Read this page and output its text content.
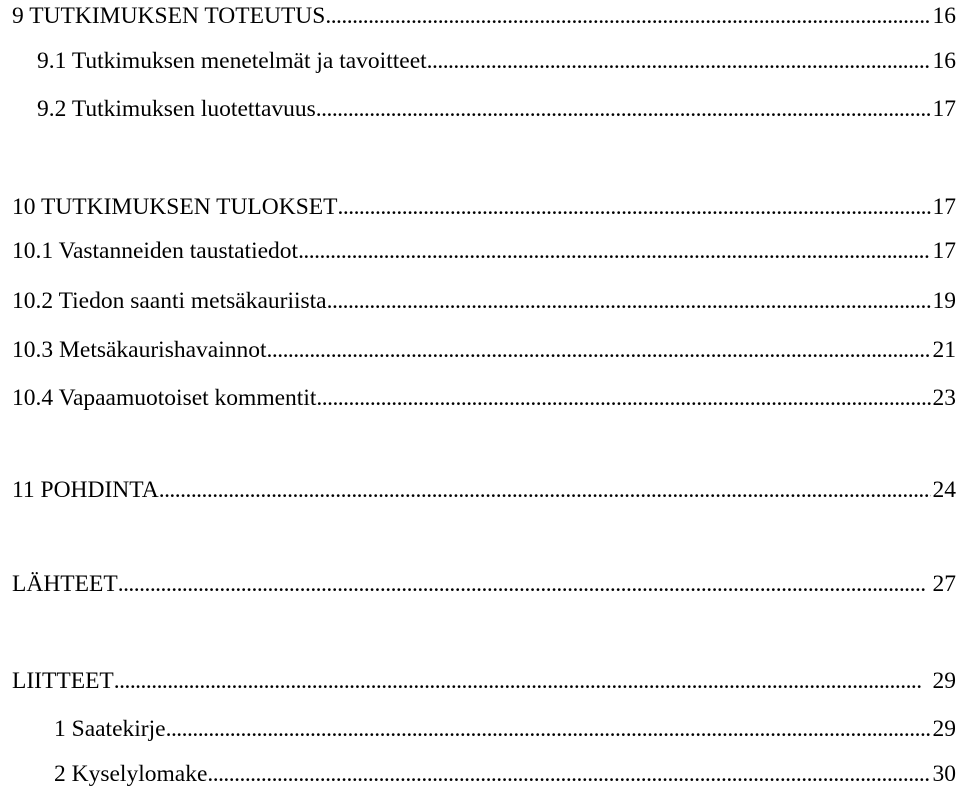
9 TUTKIMUKSEN TOTEUTUS . . .	16
9.1 Tutkimuksen menetelmät ja tavoitteet . . .	16
9.2 Tutkimuksen luotettavuus . . .	17
10 TUTKIMUKSEN TULOKSET . . .	17
10.1 Vastanneiden taustatiedot . . .	17
10.2 Tiedon saanti metsäkauriista . . .	19
10.3 Metsäkaurishavainnot . . .	21
10.4 Vapaamuotoiset kommentit . . .	23
11 POHDINTA . . .	24
LÄHTEET . . .	27
LIITTEET . . .	29
1 Saatekirje . . .	29
2 Kyselylomake . . .	30
